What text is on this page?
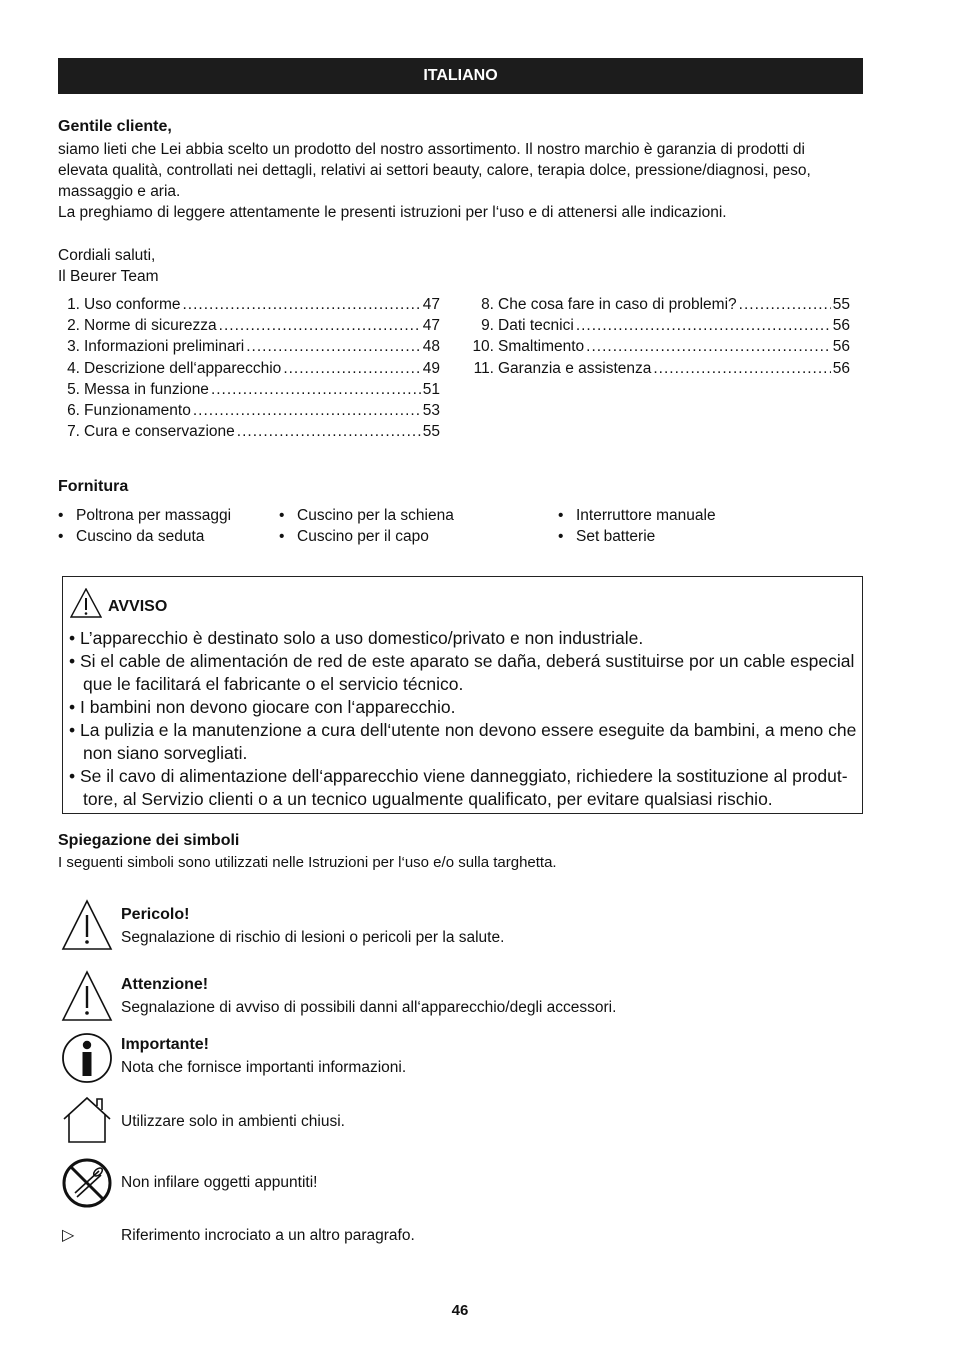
ITALIANO
Gentile cliente,

siamo lieti che Lei abbia scelto un prodotto del nostro assortimento. Il nostro marchio è garanzia di prodotti di elevata qualità, controllati nei dettagli, relativi ai settori beauty, calore, terapia dolce, pressione/diagnosi, peso, massaggio e aria.

La preghiamo di leggere attentamente le presenti istruzioni per l‘uso e di attenersi alle indicazioni.

Cordiali saluti,
Il Beurer Team
1. Uso conforme .....	47
2. Norme di sicurezza .....	47
3. Informazioni preliminari .....	48
4. Descrizione dell‘apparecchio .....	49
5. Messa in funzione .....	51
6. Funzionamento .....	53
7. Cura e conservazione .....	55
8. Che cosa fare in caso di problemi? .....	55
9. Dati tecnici .....	56
10. Smaltimento .....	56
11. Garanzia e assistenza .....	56
Fornitura
• Poltrona per massaggi
• Cuscino da seduta
• Cuscino per la schiena
• Cuscino per il capo
• Interruttore manuale
• Set batterie
AVVISO
• L’apparecchio è destinato solo a uso domestico/privato e non industriale.
• Si el cable de alimentación de red de este aparato se daña, deberá sustituirse por un cable especial que le facilitará el fabricante o el servicio técnico.
• I bambini non devono giocare con l‘apparecchio.
• La pulizia e la manutenzione a cura dell‘utente non devono essere eseguite da bambini, a meno che non siano sorvegliati.
• Se il cavo di alimentazione dell‘apparecchio viene danneggiato, richiedere la sostituzione al produt-tore, al Servizio clienti o a un tecnico ugualmente qualificato, per evitare qualsiasi rischio.
Spiegazione dei simboli
I seguenti simboli sono utilizzati nelle Istruzioni per l‘uso e/o sulla targhetta.
Pericolo!
Segnalazione di rischio di lesioni o pericoli per la salute.
Attenzione!
Segnalazione di avviso di possibili danni all‘apparecchio/degli accessori.
Importante!
Nota che fornisce importanti informazioni.
Utilizzare solo in ambienti chiusi.
Non infilare oggetti appuntiti!
▷	Riferimento incrociato a un altro paragrafo.
46
